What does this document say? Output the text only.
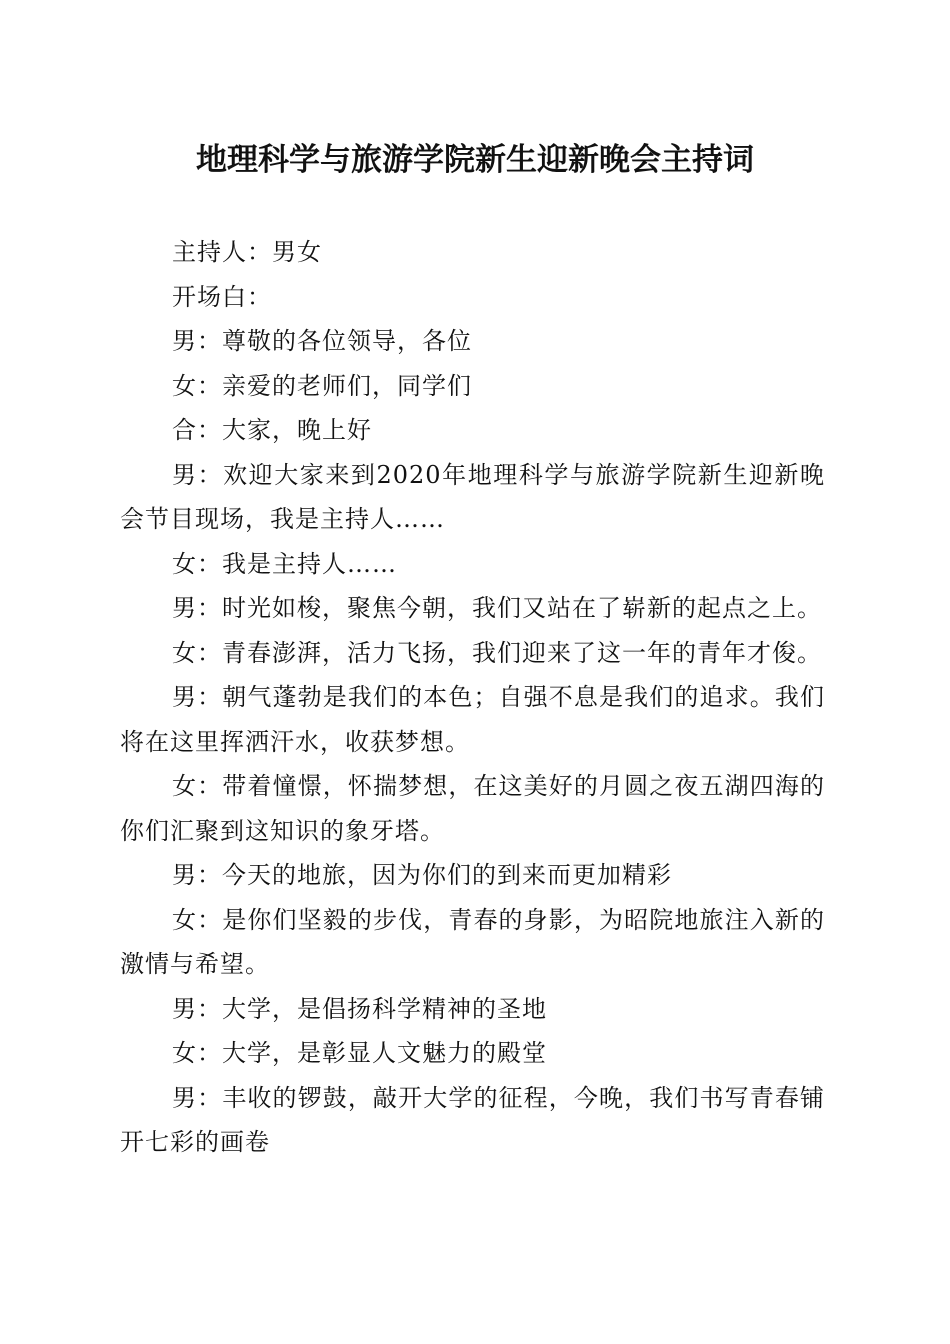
地理科学与旅游学院新生迎新晚会主持词

主持人：男女

开场白：

男：尊敬的各位领导，各位

女：亲爱的老师们，同学们

合：大家，晚上好

男：欢迎大家来到2020年地理科学与旅游学院新生迎新晚会节目现场，我是主持人……

女：我是主持人……

男：时光如梭，聚焦今朝，我们又站在了崭新的起点之上。

女：青春澎湃，活力飞扬，我们迎来了这一年的青年才俊。

男：朝气蓬勃是我们的本色；自强不息是我们的追求。我们将在这里挥洒汗水，收获梦想。

女：带着憧憬，怀揣梦想，在这美好的月圆之夜五湖四海的你们汇聚到这知识的象牙塔。

男：今天的地旅，因为你们的到来而更加精彩

女：是你们坚毅的步伐，青春的身影，为昭院地旅注入新的激情与希望。

男：大学，是倡扬科学精神的圣地

女：大学，是彰显人文魅力的殿堂

男：丰收的锣鼓，敲开大学的征程，今晚，我们书写青春铺开七彩的画卷
